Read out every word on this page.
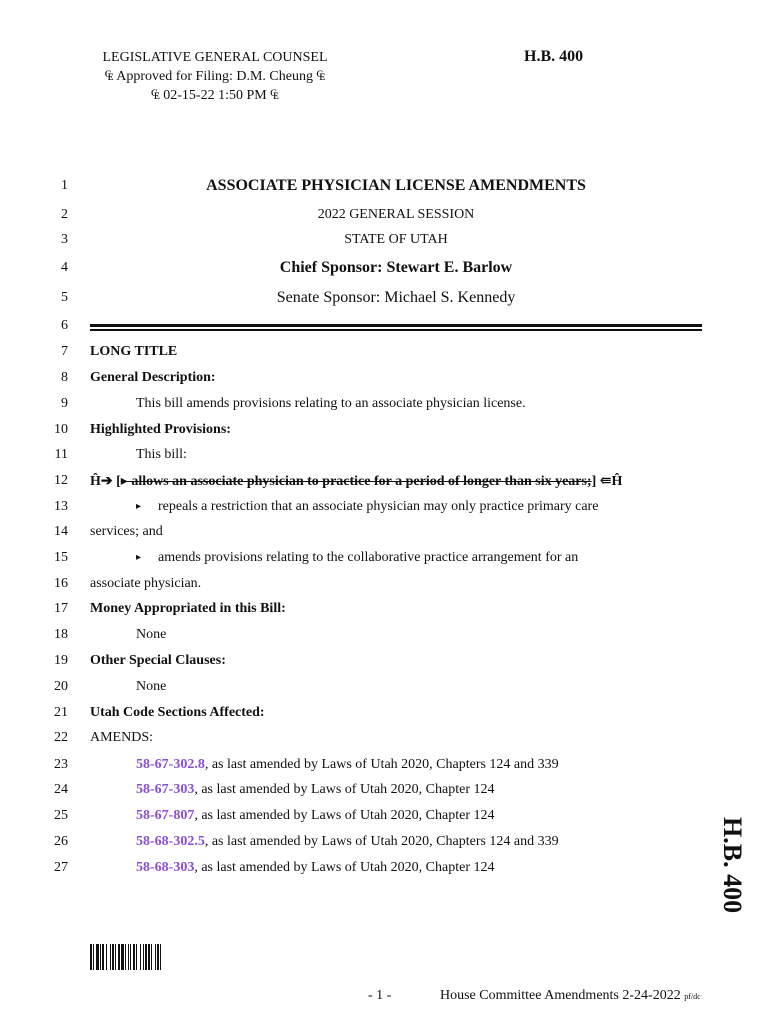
LEGISLATIVE GENERAL COUNSEL
₠ Approved for Filing: D.M. Cheung ₠
₠ 02-15-22 1:50 PM ₠
H.B. 400
1
2
3
4
5
6
7
8
9
10
11
12
13
14
15
16
17
18
19
20
21
22
23
24
25
26
27
ASSOCIATE PHYSICIAN LICENSE AMENDMENTS
2022 GENERAL SESSION
STATE OF UTAH
Chief Sponsor: Stewart E. Barlow
Senate Sponsor: Michael S. Kennedy
LONG TITLE
General Description:
This bill amends provisions relating to an associate physician license.
Highlighted Provisions:
This bill:
Ĥ➔ [▸ allows an associate physician to practice for a period of longer than six years;] ⇚Ĥ
▸ repeals a restriction that an associate physician may only practice primary care
services; and
▸ amends provisions relating to the collaborative practice arrangement for an
associate physician.
Money Appropriated in this Bill:
None
Other Special Clauses:
None
Utah Code Sections Affected:
AMENDS:
58-67-302.8, as last amended by Laws of Utah 2020, Chapters 124 and 339
58-67-303, as last amended by Laws of Utah 2020, Chapter 124
58-67-807, as last amended by Laws of Utah 2020, Chapter 124
58-68-302.5, as last amended by Laws of Utah 2020, Chapters 124 and 339
58-68-303, as last amended by Laws of Utah 2020, Chapter 124	H.B. 400
- 1 -	House Committee Amendments 2-24-2022 pf/dc
